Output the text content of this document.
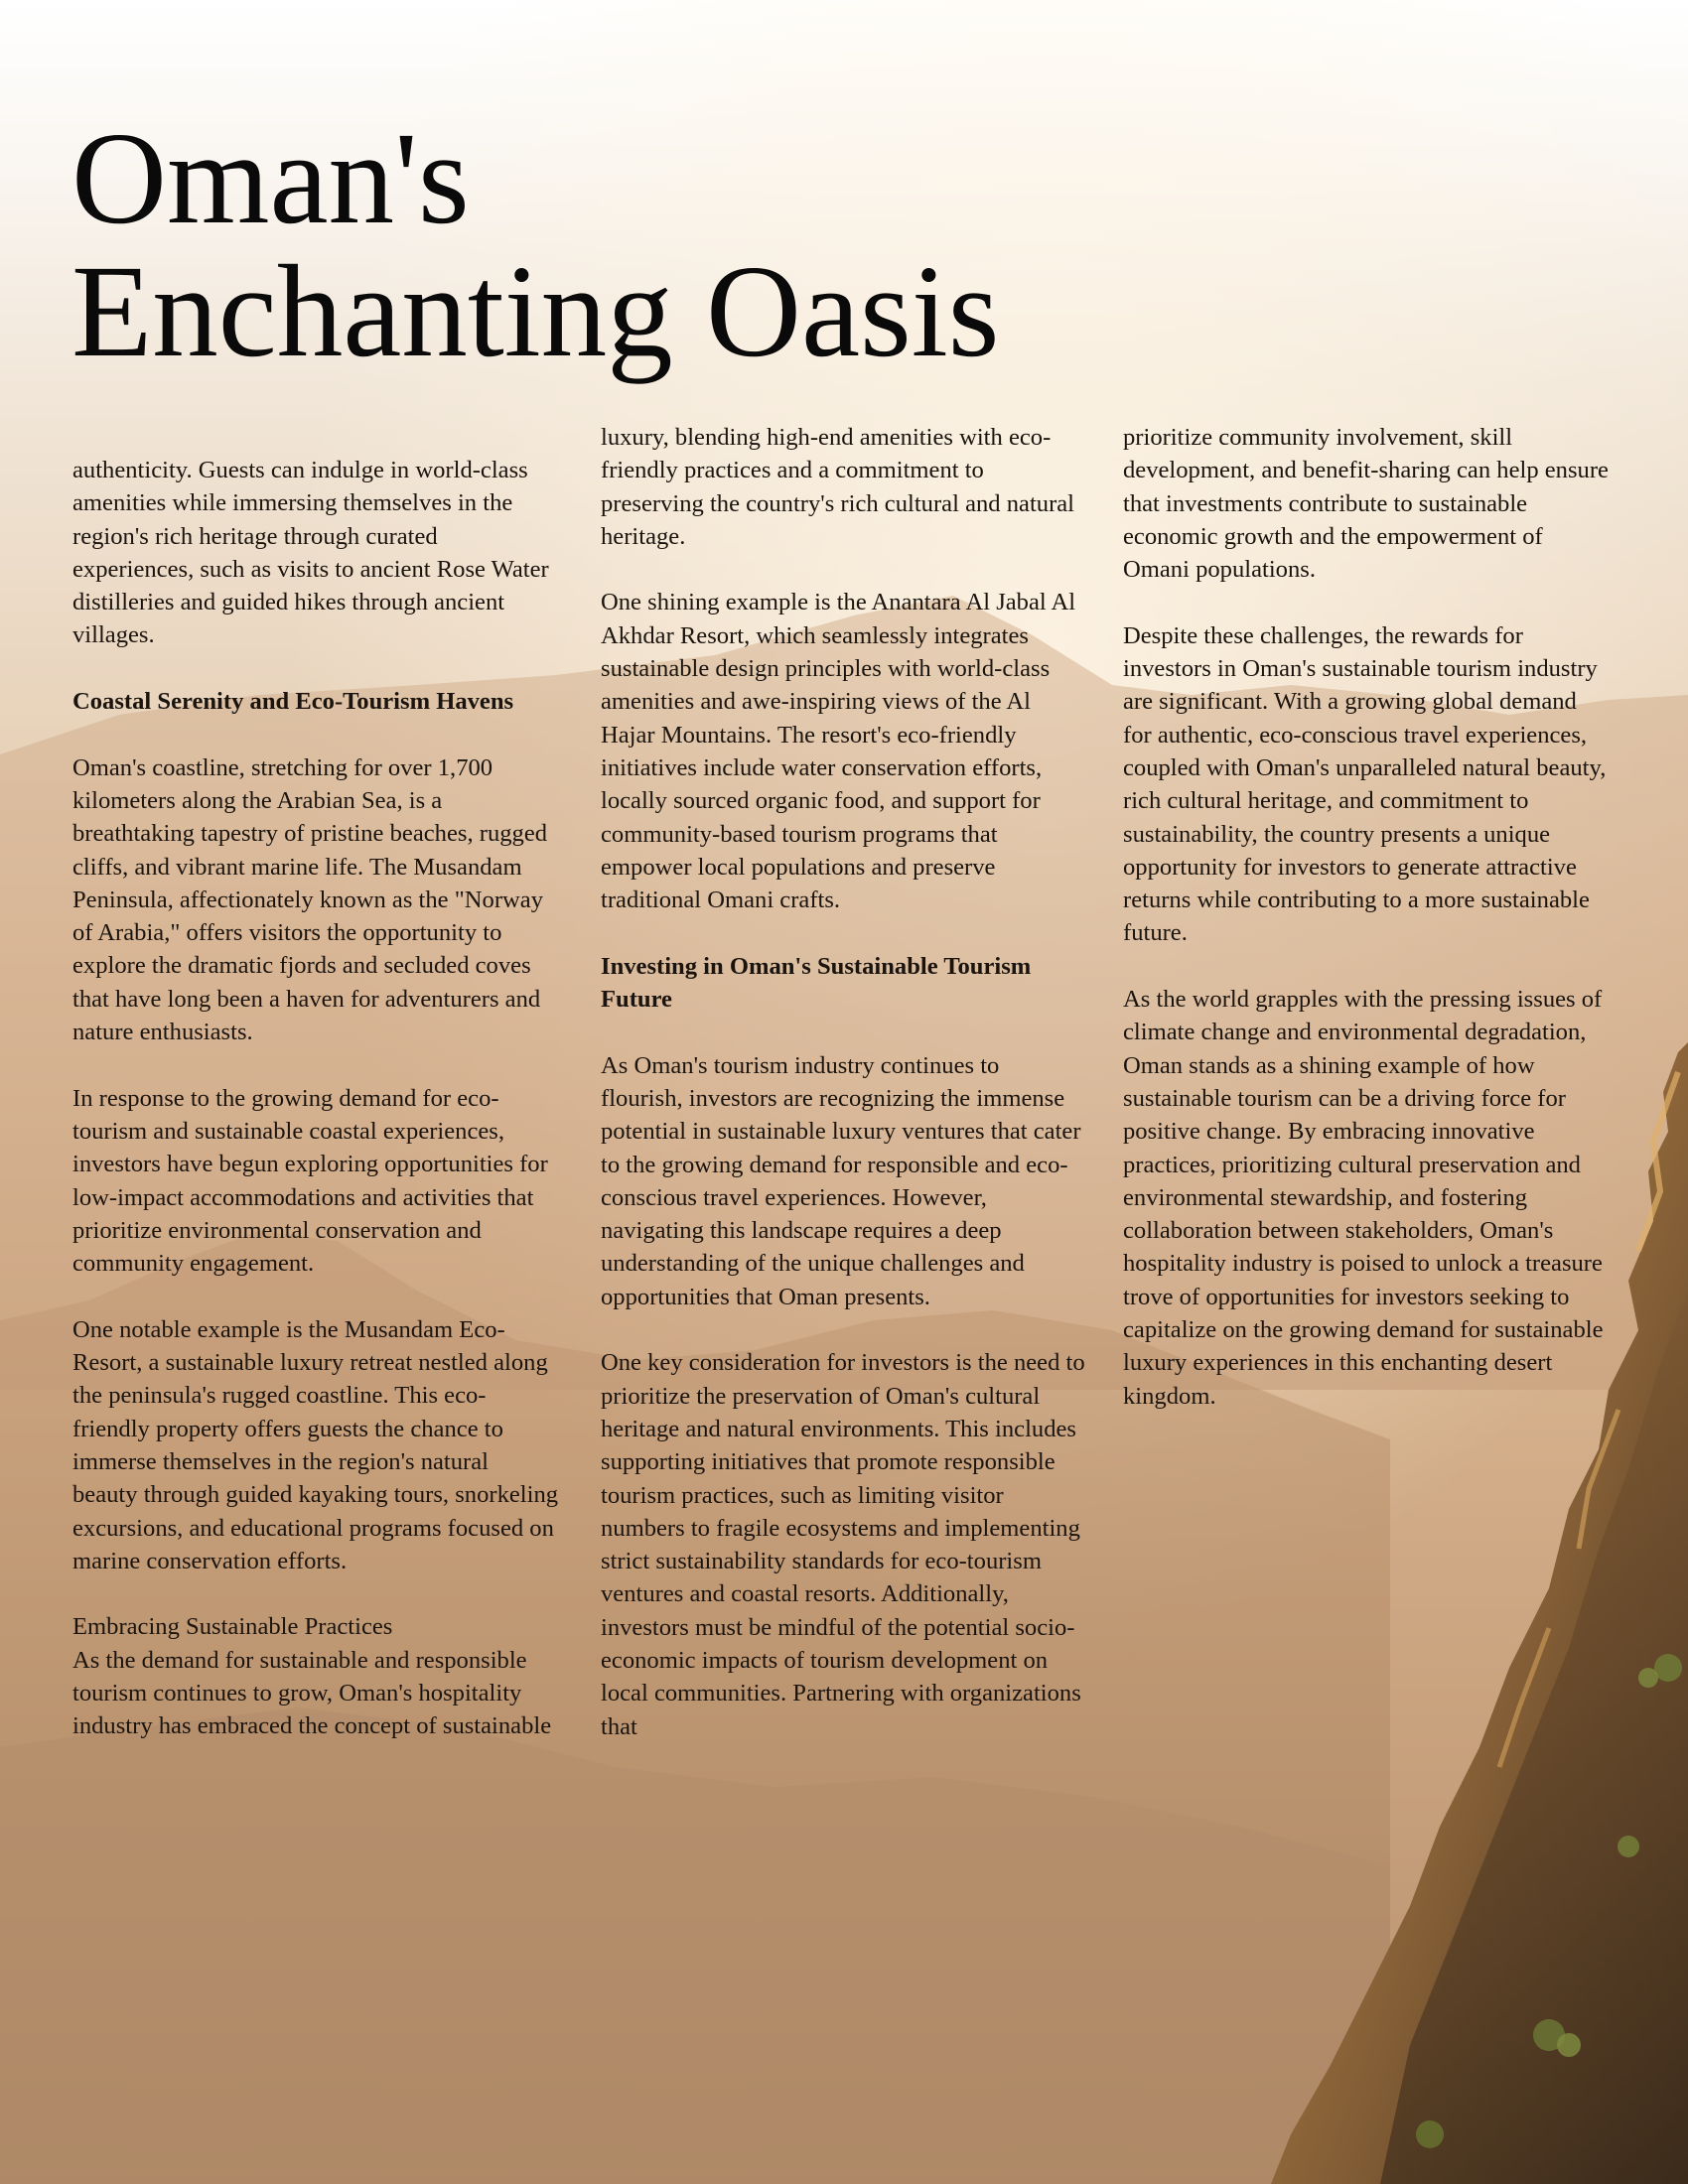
Oman's
Enchanting Oasis

authenticity. Guests can indulge in world-class amenities while immersing themselves in the region's rich heritage through curated experiences, such as visits to ancient Rose Water distilleries and guided hikes through ancient villages.

Coastal Serenity and Eco-Tourism Havens

Oman's coastline, stretching for over 1,700 kilometers along the Arabian Sea, is a breathtaking tapestry of pristine beaches, rugged cliffs, and vibrant marine life. The Musandam Peninsula, affectionately known as the "Norway of Arabia," offers visitors the opportunity to explore the dramatic fjords and secluded coves that have long been a haven for adventurers and nature enthusiasts.

In response to the growing demand for eco-tourism and sustainable coastal experiences, investors have begun exploring opportunities for low-impact accommodations and activities that prioritize environmental conservation and community engagement.

One notable example is the Musandam Eco-Resort, a sustainable luxury retreat nestled along the peninsula's rugged coastline. This eco-friendly property offers guests the chance to immerse themselves in the region's natural beauty through guided kayaking tours, snorkeling excursions, and educational programs focused on marine conservation efforts.

Embracing Sustainable Practices

As the demand for sustainable and responsible tourism continues to grow, Oman's hospitality industry has embraced the concept of sustainable

luxury, blending high-end amenities with eco-friendly practices and a commitment to preserving the country's rich cultural and natural heritage.

One shining example is the Anantara Al Jabal Al Akhdar Resort, which seamlessly integrates sustainable design principles with world-class amenities and awe-inspiring views of the Al Hajar Mountains. The resort's eco-friendly initiatives include water conservation efforts, locally sourced organic food, and support for community-based tourism programs that empower local populations and preserve traditional Omani crafts.

Investing in Oman's Sustainable Tourism Future

As Oman's tourism industry continues to flourish, investors are recognizing the immense potential in sustainable luxury ventures that cater to the growing demand for responsible and eco-conscious travel experiences. However, navigating this landscape requires a deep understanding of the unique challenges and opportunities that Oman presents.

One key consideration for investors is the need to prioritize the preservation of Oman's cultural heritage and natural environments. This includes supporting initiatives that promote responsible tourism practices, such as limiting visitor numbers to fragile ecosystems and implementing strict sustainability standards for eco-tourism ventures and coastal resorts. Additionally, investors must be mindful of the potential socio-economic impacts of tourism development on local communities. Partnering with organizations that

prioritize community involvement, skill development, and benefit-sharing can help ensure that investments contribute to sustainable economic growth and the empowerment of Omani populations.

Despite these challenges, the rewards for investors in Oman's sustainable tourism industry are significant. With a growing global demand for authentic, eco-conscious travel experiences, coupled with Oman's unparalleled natural beauty, rich cultural heritage, and commitment to sustainability, the country presents a unique opportunity for investors to generate attractive returns while contributing to a more sustainable future.

As the world grapples with the pressing issues of climate change and environmental degradation, Oman stands as a shining example of how sustainable tourism can be a driving force for positive change. By embracing innovative practices, prioritizing cultural preservation and environmental stewardship, and fostering collaboration between stakeholders, Oman's hospitality industry is poised to unlock a treasure trove of opportunities for investors seeking to capitalize on the growing demand for sustainable luxury experiences in this enchanting desert kingdom.
